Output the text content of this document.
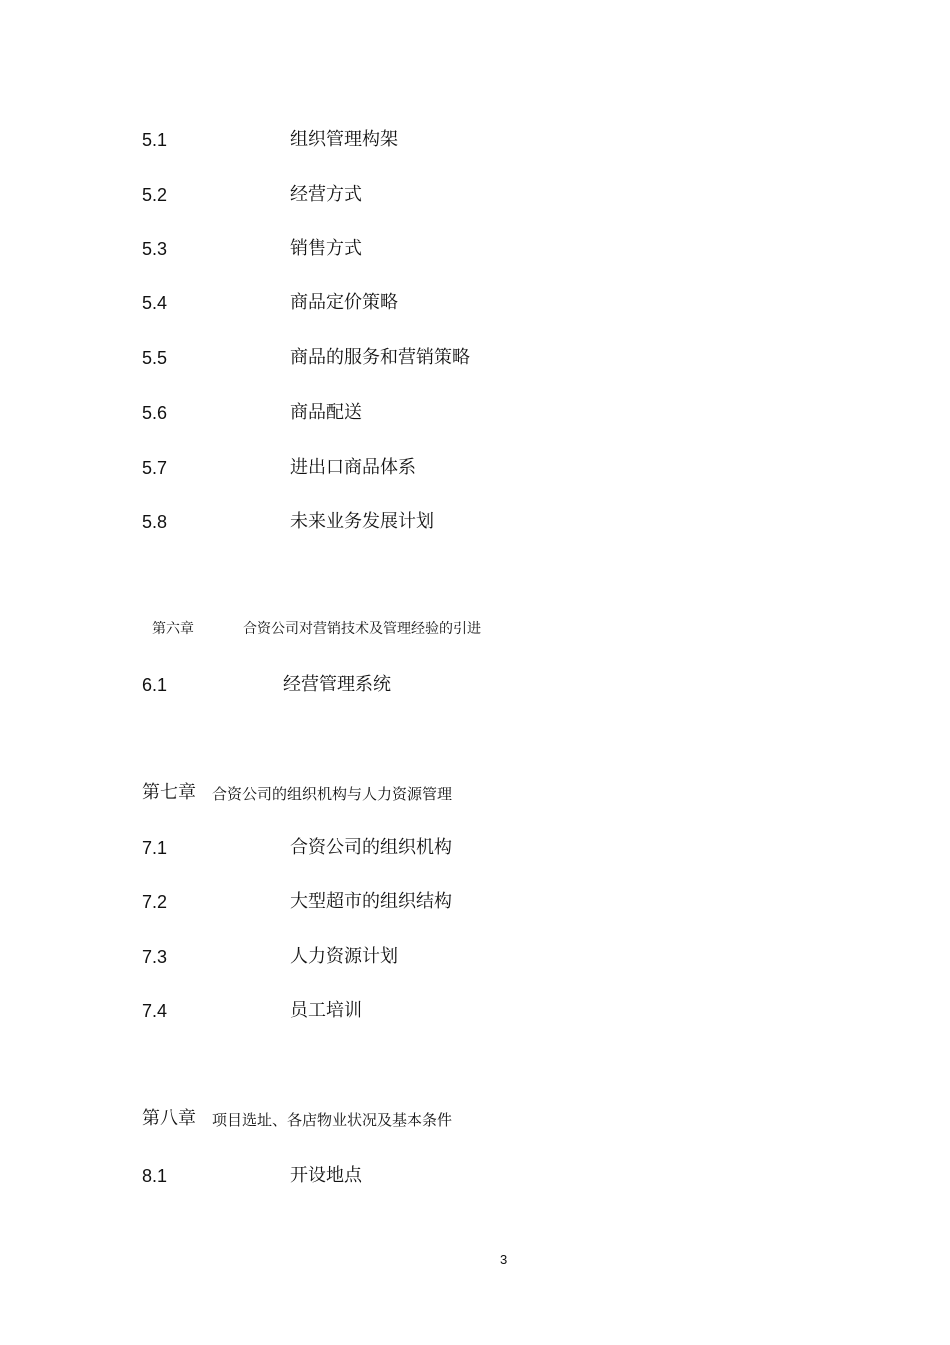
5.1	组织管理构架
5.2	经营方式
5.3	销售方式
5.4	商品定价策略
5.5	商品的服务和营销策略
5.6	商品配送
5.7	进出口商品体系
5.8	未来业务发展计划
第六章	合资公司对营销技术及管理经验的引进
6.1	经营管理系统
第七章 合资公司的组织机构与人力资源管理
7.1	合资公司的组织机构
7.2	大型超市的组织结构
7.3	人力资源计划
7.4	员工培训
第八章 项目选址、各店物业状况及基本条件
8.1	开设地点
3
